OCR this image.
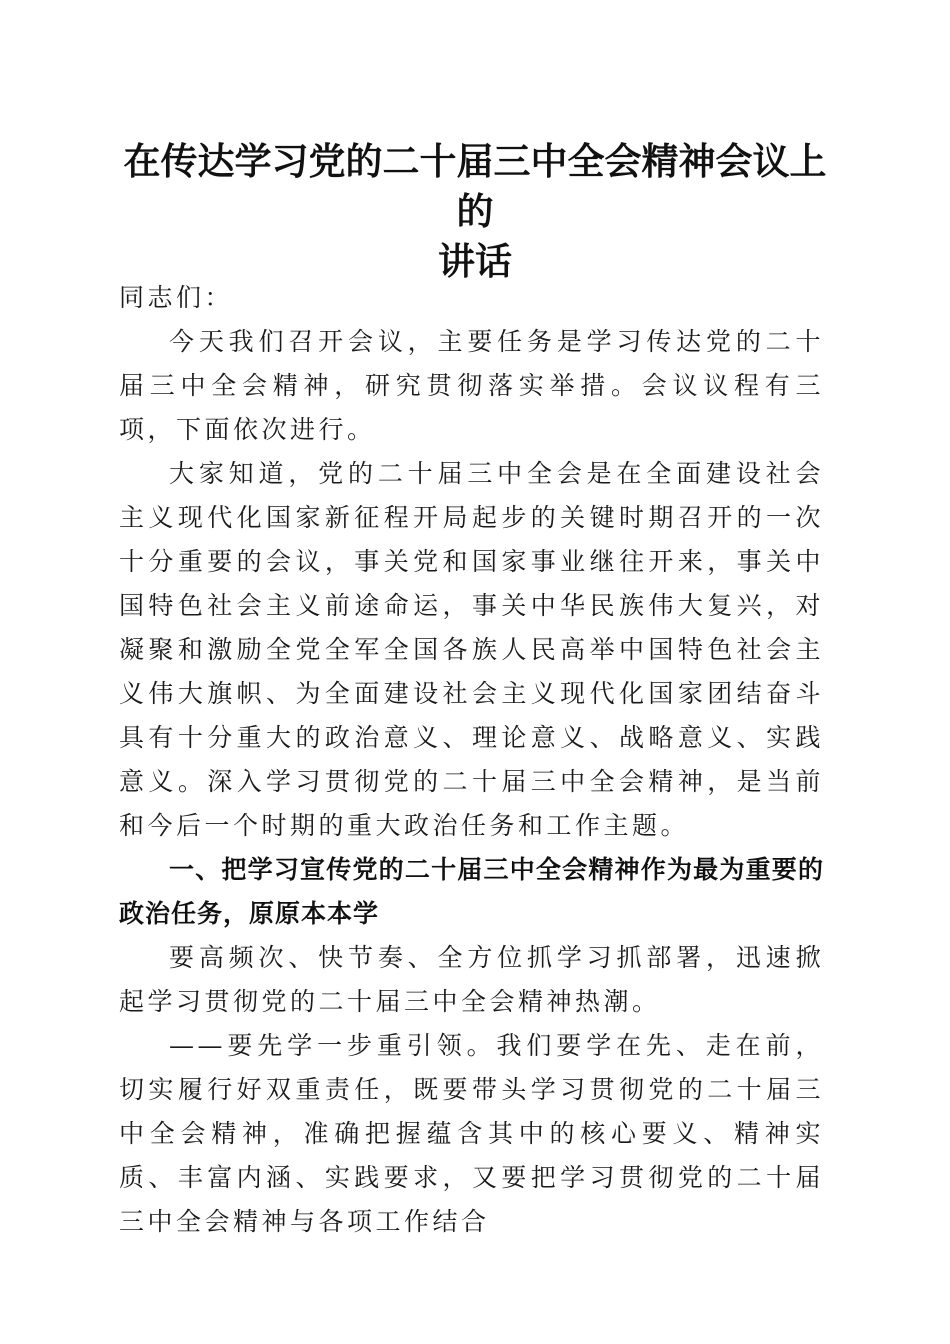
在传达学习党的二十届三中全会精神会议上的
讲话

同志们：

今天我们召开会议，主要任务是学习传达党的二十届三中全会精神，研究贯彻落实举措。会议议程有三项，下面依次进行。

大家知道，党的二十届三中全会是在全面建设社会主义现代化国家新征程开局起步的关键时期召开的一次十分重要的会议，事关党和国家事业继往开来，事关中国特色社会主义前途命运，事关中华民族伟大复兴，对凝聚和激励全党全军全国各族人民高举中国特色社会主义伟大旗帜、为全面建设社会主义现代化国家团结奋斗具有十分重大的政治意义、理论意义、战略意义、实践意义。深入学习贯彻党的二十届三中全会精神，是当前和今后一个时期的重大政治任务和工作主题。

一、把学习宣传党的二十届三中全会精神作为最为重要的政治任务，原原本本学

要高频次、快节奏、全方位抓学习抓部署，迅速掀起学习贯彻党的二十届三中全会精神热潮。

——要先学一步重引领。我们要学在先、走在前，切实履行好双重责任，既要带头学习贯彻党的二十届三中全会精神，准确把握蕴含其中的核心要义、精神实质、丰富内涵、实践要求，又要把学习贯彻党的二十届三中全会精神与各项工作结合
